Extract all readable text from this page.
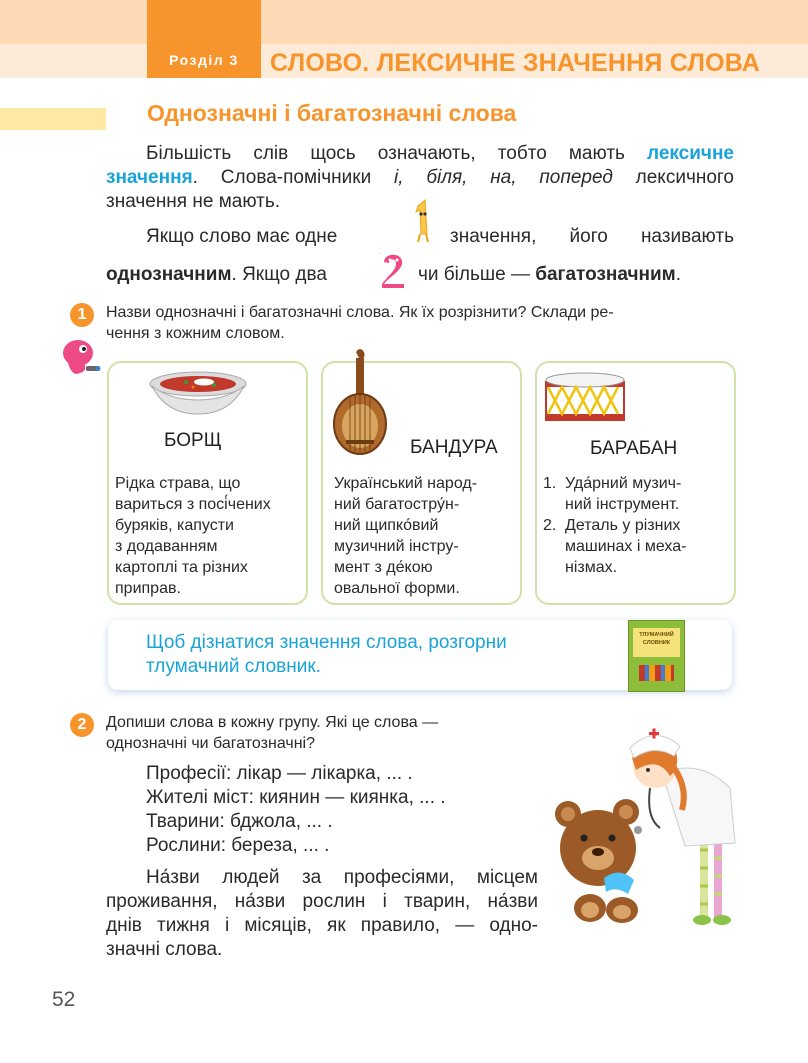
Розділ 3	СЛОВО. ЛЕКСИЧНЕ ЗНАЧЕННЯ СЛОВА
Однозначні і багатозначні слова
Більшість слів щось означають, тобто мають лексичне
значення. Слова-помічники і, біля, на, поперед лексичного
значення не мають.
Якщо слово має одне
1
значення, його називають
однозначним. Якщо два
2
чи більше — багатозначним.
1	Назви однозначні і багатозначні слова. Як їх розрізнити? Склади ре-
чення з кожним словом.
БОРЩ
Рідка страва, що
вариться з посі́чених
буряків, капусти
з додаванням
картоплі та різних
приправ.
БАНДУРА
Український народ-
ний багатостру́н-
ний щипко́вий
музичний інстру-
мент з де́кою
овальної форми.
БАРАБАН
1. Уда́рний музич-
ний інструмент.
2. Деталь у різних
машинах і меха-
нізмах.
Щоб дізнатися значення слова, розгорни
тлумачний словник.
ТЛУМАЧНИЙ
СЛОВНИК
2	Допиши слова в кожну групу. Які це слова —
однозначні чи багатозначні?
Професії: лікар — лікарка, ... .
Жителі міст: киянин — киянка, ... .
Тварини: бджола, ... .
Рослини: береза, ... .
На́зви людей за професіями, місцем
проживання, на́зви рослин і тварин, на́зви
днів тижня і місяців, як правило, — одно-
значні слова.
52
